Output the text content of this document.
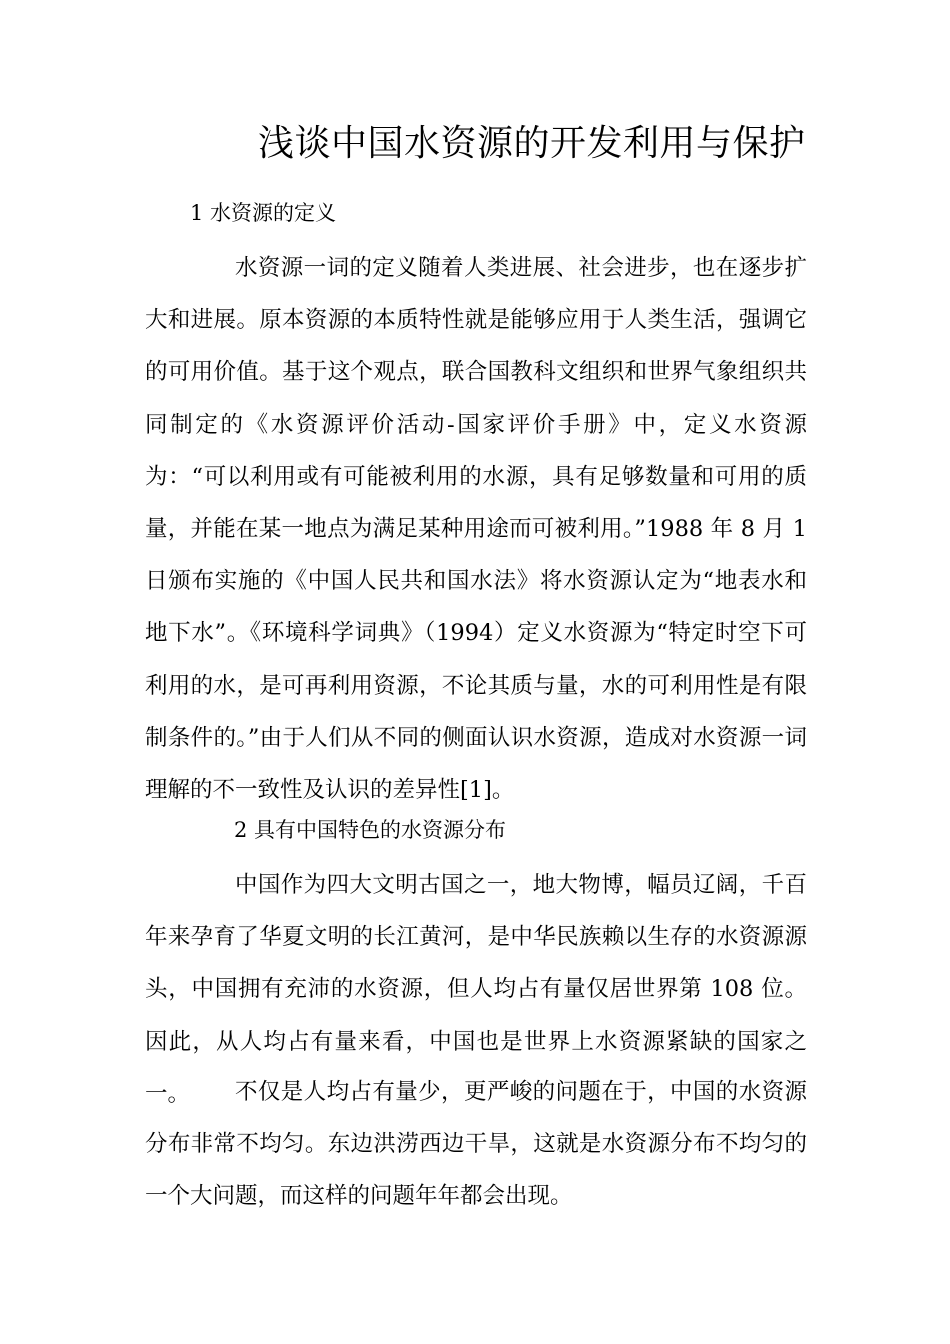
浅谈中国水资源的开发利用与保护
1 水资源的定义
水资源一词的定义随着人类进展、社会进步，也在逐步扩大和进展。原本资源的本质特性就是能够应用于人类生活，强调它的可用价值。基于这个观点，联合国教科文组织和世界气象组织共同制定的《水资源评价活动-国家评价手册》中，定义水资源为：“可以利用或有可能被利用的水源，具有足够数量和可用的质量，并能在某一地点为满足某种用途而可被利用。”1988 年 8 月 1 日颁布实施的《中国人民共和国水法》将水资源认定为“地表水和地下水”。《环境科学词典》（1994）定义水资源为“特定时空下可利用的水，是可再利用资源，不论其质与量，水的可利用性是有限制条件的。”由于人们从不同的侧面认识水资源，造成对水资源一词理解的不一致性及认识的差异性[1]。
2 具有中国特色的水资源分布
中国作为四大文明古国之一，地大物博，幅员辽阔，千百年来孕育了华夏文明的长江黄河，是中华民族赖以生存的水资源源头，中国拥有充沛的水资源，但人均占有量仅居世界第 108 位。因此，从人均占有量来看，中国也是世界上水资源紧缺的国家之一。	不仅是人均占有量少，更严峻的问题在于，中国的水资源分布非常不均匀。东边洪涝西边干旱，这就是水资源分布不均匀的一个大问题，而这样的问题年年都会出现。
